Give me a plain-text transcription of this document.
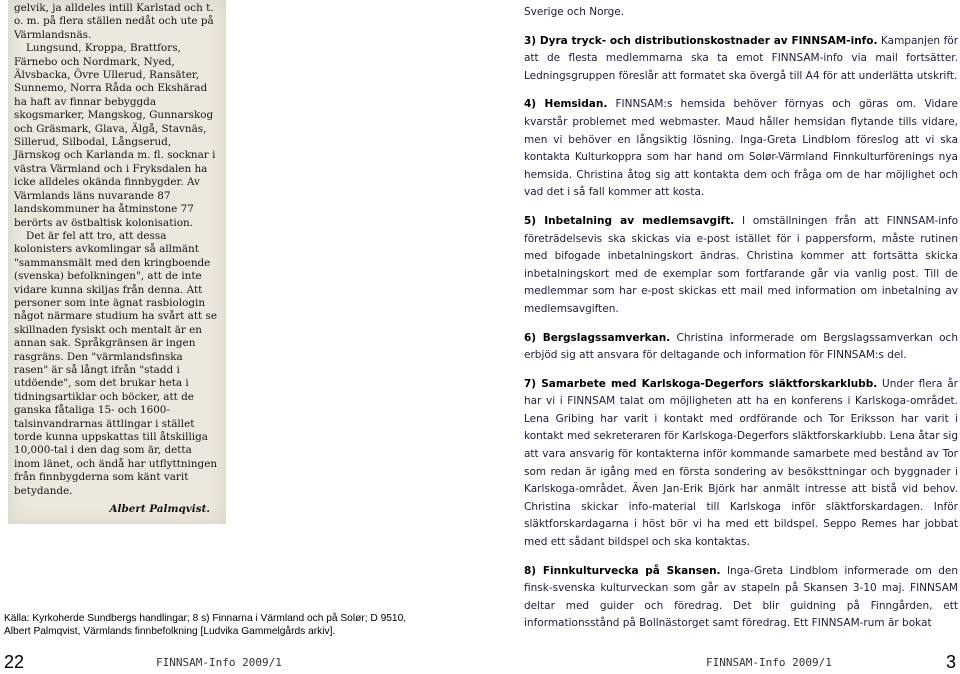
gelvik, ja alldeles intill Karlstad och t. o. m. på flera ställen nedåt och ute på Värmlandsnäs.

Lungsund, Kroppa, Brattfors, Färnebo och Nordmark, Nyed, Älvsbacka, Övre Ullerud, Ransäter, Sunnemo, Norra Råda och Ekshärad ha haft av finnar bebyggda skogsmarker, Mangskog, Gunnarskog och Gräsmark, Glava, Älgå, Stavnäs, Sillerud, Silbodal, Långserud, Järnskog och Karlanda m. fl. socknar i västra Värmland och i Fryksdalen ha icke alldeles okända finnbygder. Av Värmlands läns nuvarande 87 landskommuner ha åtminstone 77 berörts av östbaltisk kolonisation.

Det är fel att tro, att dessa kolonisters avkomlingar så allmänt "sammansmält med den kringboende (svenska) befolkningen", att de inte vidare kunna skiljas från denna. Att personer som inte ägnat rasbiologin något närmare studium ha svårt att se skillnaden fysiskt och mentalt är en annan sak. Språkgränsen är ingen rasgräns. Den "värmlandsfinska rasen" är så långt ifrån "stadd i utdöende", som det brukar heta i tidningsartiklar och böcker, att de ganska fåtaliga 15- och 1600-talsinvandrarnas ättlingar i stället torde kunna uppskattas till åtskilliga 10,000-tal i den dag som är, detta inom länet, och ändå har utflyttningen från finnbygderna som känt varit betydande.

Albert Palmqvist.
Källa: Kyrkoherde Sundbergs handlingar; 8 s) Finnarna i Värmland och på Solør; D 9510, Albert Palmqvist, Värmlands finnbefolkning [Ludvika Gammelgårds arkiv].
22	FINNSAM-Info 2009/1

Sverige och Norge.

3) Dyra tryck- och distributionskostnader av FINNSAM-info. Kampanjen för att de flesta medlemmarna ska ta emot FINNSAM-info via mail fortsätter. Ledningsgruppen föreslår att formatet ska övergå till A4 för att underlätta utskrift.

4) Hemsidan. FINNSAM:s hemsida behöver förnyas och göras om. Vidare kvarstår problemet med webmaster. Maud håller hemsidan flytande tills vidare, men vi behöver en långsiktig lösning. Inga-Greta Lindblom föreslog att vi ska kontakta Kulturkoppra som har hand om Solør-Värmland Finnkulturförenings nya hemsida. Christina åtog sig att kontakta dem och fråga om de har möjlighet och vad det i så fall kommer att kosta.

5) Inbetalning av medlemsavgift. I omställningen från att FINNSAM-info företrädelsevis ska skickas via e-post istället för i pappersform, måste rutinen med bifogade inbetalningskort ändras. Christina kommer att fortsätta skicka inbetalningskort med de exemplar som fortfarande går via vanlig post. Till de medlemmar som har e-post skickas ett mail med information om inbetalning av medlemsavgiften.

6) Bergslagssamverkan. Christina informerade om Bergslagssamverkan och erbjöd sig att ansvara för deltagande och information för FINNSAM:s del.

7) Samarbete med Karlskoga-Degerfors släktforskarklubb. Under flera år har vi i FINNSAM talat om möjligheten att ha en konferens i Karlskoga-området. Lena Gribing har varit i kontakt med ordförande och Tor Eriksson har varit i kontakt med sekreteraren för Karlskoga-Degerfors släktforskarklubb. Lena åtar sig att vara ansvarig för kontakterna inför kommande samarbete med bestånd av Tor som redan är igång med en första sondering av besöksttningar och byggnader i Karlskoga-området. Även Jan-Erik Björk har anmält intresse att bistå vid behov. Christina skickar info-material till Karlskoga inför släktforskardagen. Inför släktforskardagarna i höst bör vi ha med ett bildspel. Seppo Remes har jobbat med ett sådant bildspel och ska kontaktas.

8) Finnkulturvecka på Skansen. Inga-Greta Lindblom informerade om den finsk-svenska kulturveckan som går av stapeln på Skansen 3-10 maj. FINNSAM deltar med guider och föredrag. Det blir guidning på Finngården, ett informationsstånd på Bollnästorget samt föredrag. Ett FINNSAM-rum är bokat

FINNSAM-Info 2009/1	3
